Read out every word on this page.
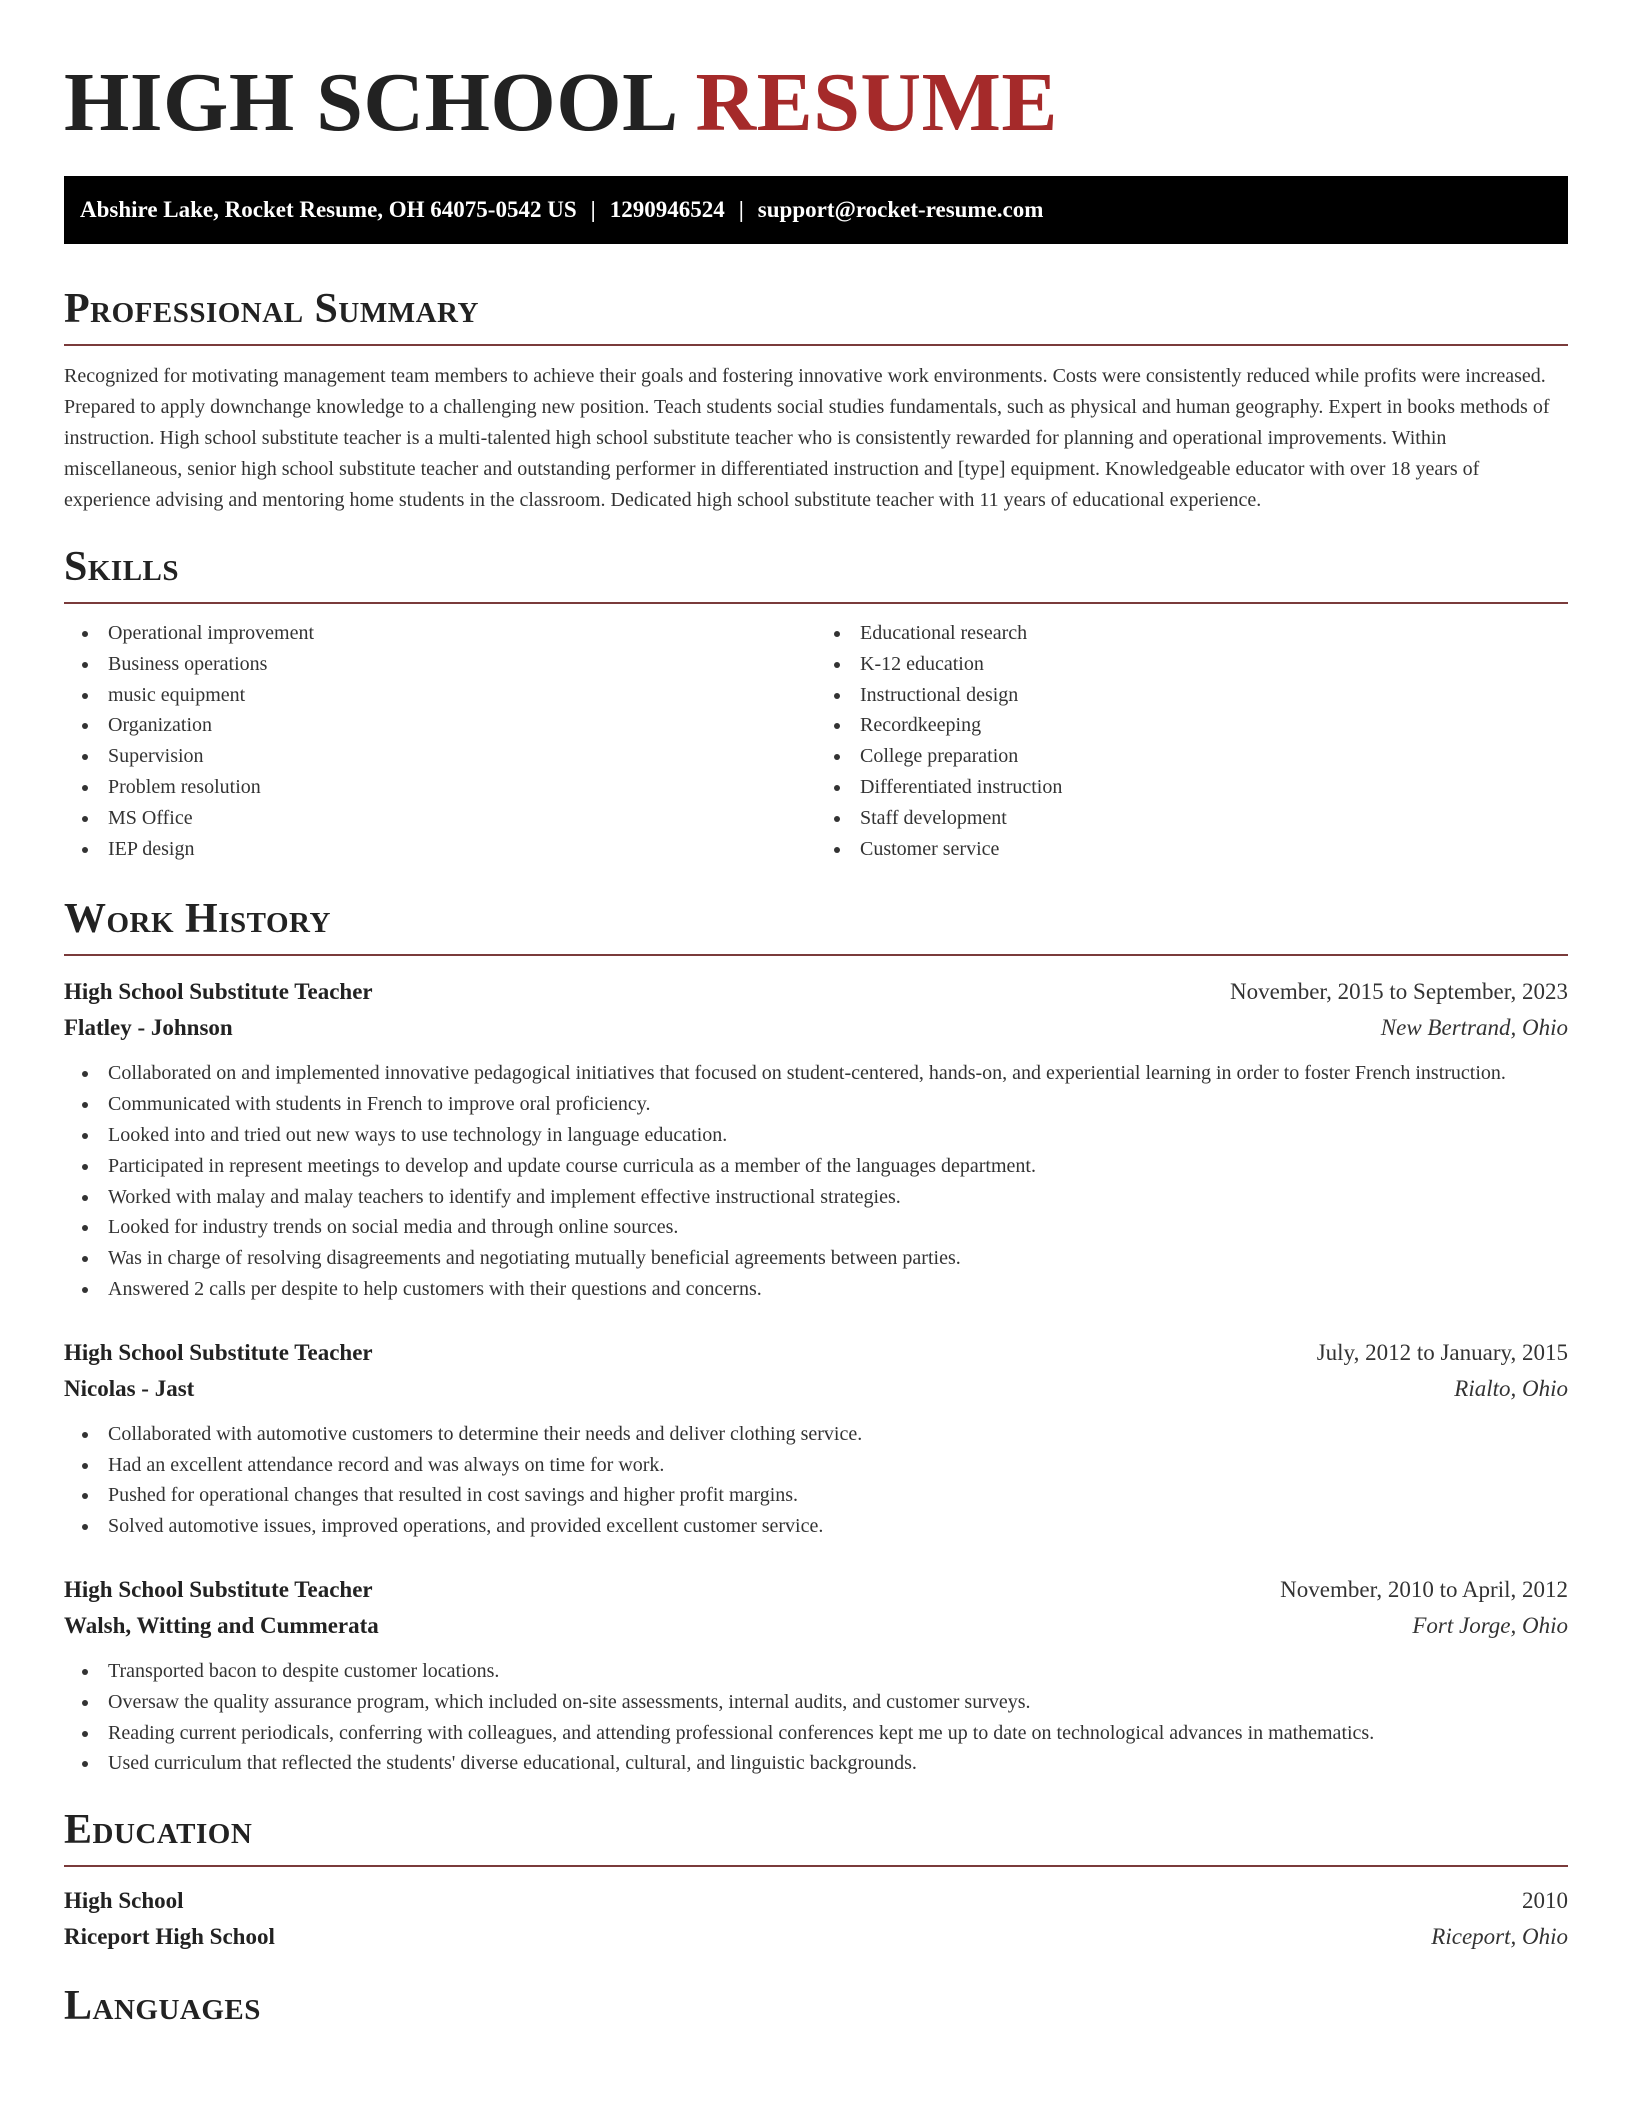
HIGH SCHOOL RESUME
Abshire Lake, Rocket Resume, OH 64075-0542 US | 1290946524 | support@rocket-resume.com
Professional Summary

Recognized for motivating management team members to achieve their goals and fostering innovative work environments. Costs were consistently reduced while profits were increased. Prepared to apply downchange knowledge to a challenging new position. Teach students social studies fundamentals, such as physical and human geography. Expert in books methods of instruction. High school substitute teacher is a multi-talented high school substitute teacher who is consistently rewarded for planning and operational improvements. Within miscellaneous, senior high school substitute teacher and outstanding performer in differentiated instruction and [type] equipment. Knowledgeable educator with over 18 years of experience advising and mentoring home students in the classroom. Dedicated high school substitute teacher with 11 years of educational experience.

Skills
Operational improvement
Business operations
music equipment
Organization
Supervision
Problem resolution
MS Office
IEP design
Educational research
K-12 education
Instructional design
Recordkeeping
College preparation
Differentiated instruction
Staff development
Customer service
Work History
High School Substitute Teacher	November, 2015 to September, 2023
Flatley - Johnson	New Bertrand, Ohio
Collaborated on and implemented innovative pedagogical initiatives that focused on student-centered, hands-on, and experiential learning in order to foster French instruction.
Communicated with students in French to improve oral proficiency.
Looked into and tried out new ways to use technology in language education.
Participated in represent meetings to develop and update course curricula as a member of the languages department.
Worked with malay and malay teachers to identify and implement effective instructional strategies.
Looked for industry trends on social media and through online sources.
Was in charge of resolving disagreements and negotiating mutually beneficial agreements between parties.
Answered 2 calls per despite to help customers with their questions and concerns.
High School Substitute Teacher	July, 2012 to January, 2015
Nicolas - Jast	Rialto, Ohio
Collaborated with automotive customers to determine their needs and deliver clothing service.
Had an excellent attendance record and was always on time for work.
Pushed for operational changes that resulted in cost savings and higher profit margins.
Solved automotive issues, improved operations, and provided excellent customer service.
High School Substitute Teacher	November, 2010 to April, 2012
Walsh, Witting and Cummerata	Fort Jorge, Ohio
Transported bacon to despite customer locations.
Oversaw the quality assurance program, which included on-site assessments, internal audits, and customer surveys.
Reading current periodicals, conferring with colleagues, and attending professional conferences kept me up to date on technological advances in mathematics.
Used curriculum that reflected the students' diverse educational, cultural, and linguistic backgrounds.
Education
High School	2010
Riceport High School	Riceport, Ohio
Languages
